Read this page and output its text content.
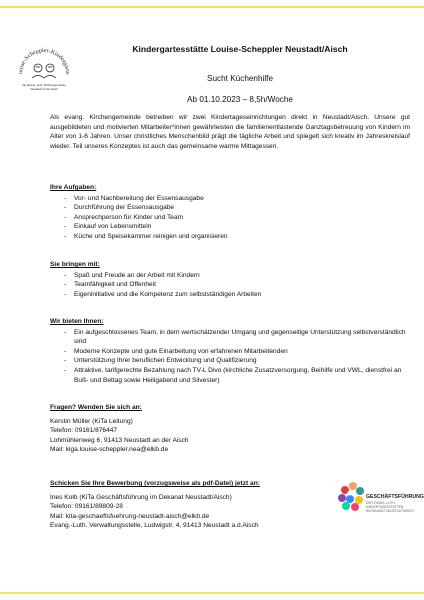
ouise-Scheppler-Kindergarte
der Evang.-Luth. Kirchengemeinde
Neustadt an der Aisch
Kindergartesstätte Louise-Scheppler Neustadt/Aisch
Sucht Küchenhilfe
Ab 01.10.2023 – 8,5h/Woche
Als evang. Kirchengemeinde betreiben wir zwei Kindertageseinrichtungen direkt in Neustadt/Aisch. Unsere gut ausgebildeten und motivierten Mitarbeiter*innen gewährleisten die familienentlastende Ganztagsbetreuung von Kindern im Alter von 1-6 Jahren. Unser christliches Menschenbild prägt die tägliche Arbeit und spiegelt sich kreativ im Jahreskreislauf wieder. Teil unseres Konzeptes ist auch das gemeinsame warme Mittagessen.
Ihre Aufgaben:
- Vor- und Nachbereitung der Essensausgabe
- Durchführung der Essensausgabe
- Ansprechperson für Kinder und Team
- Einkauf von Lebensmitteln
- Küche und Speisekammer reinigen und organisieren
Sie bringen mit:
- Spaß und Freude an der Arbeit mit Kindern
- Teamfähigkeit und Offenheit
- Eigeninitiative und die Kompetenz zum selbstständigen Arbeiten
Wir bieten Ihnen:
- Ein aufgeschlossenes Team, in dem wertschätzender Umgang und gegenseitige Unterstützung selbstverständlich sind
- Moderne Konzepte und gute Einarbeitung von erfahrenen Mitarbeitenden
- Unterstützung Ihrer beruflichen Entwicklung und Qualifizierung
- Attraktive, tarifgerechte Bezahlung nach TV-L Divo (kirchliche Zusatzversorgung, Beihilfe und VWL, dienstfrei an Buß- und Bettag sowie Heiligabend und Silvester)
Fragen? Wenden Sie sich an:
Kerstin Müller (KiTa Leitung)
Telefon: 09161/876447
Lohmühlenweg 6, 91413 Neustadt an der Aisch
Mail: kiga.louise-scheppler.nea@elkb.de
Schicken Sie Ihre Bewerbung (vorzugsweise als pdf-Datei) jetzt an:
Ines Kolb (KiTa Geschäftsführung im Dekanat Neustadt/Aisch)
Telefon: 09161/89809-28
Mail: kita-geschaeftsfuehrung-neustadt-aisch@elkb.de
Evang.-Luth. Verwaltungsstelle, Ludwigstr. 4, 91413 Neustadt a.d.Aisch
GESCHÄFTSFÜHRUNG
DER EVANG.-LUTH.
KINDERTAGESSTÄTTEN
IM DEKANAT NEUSTADT/AISCH
